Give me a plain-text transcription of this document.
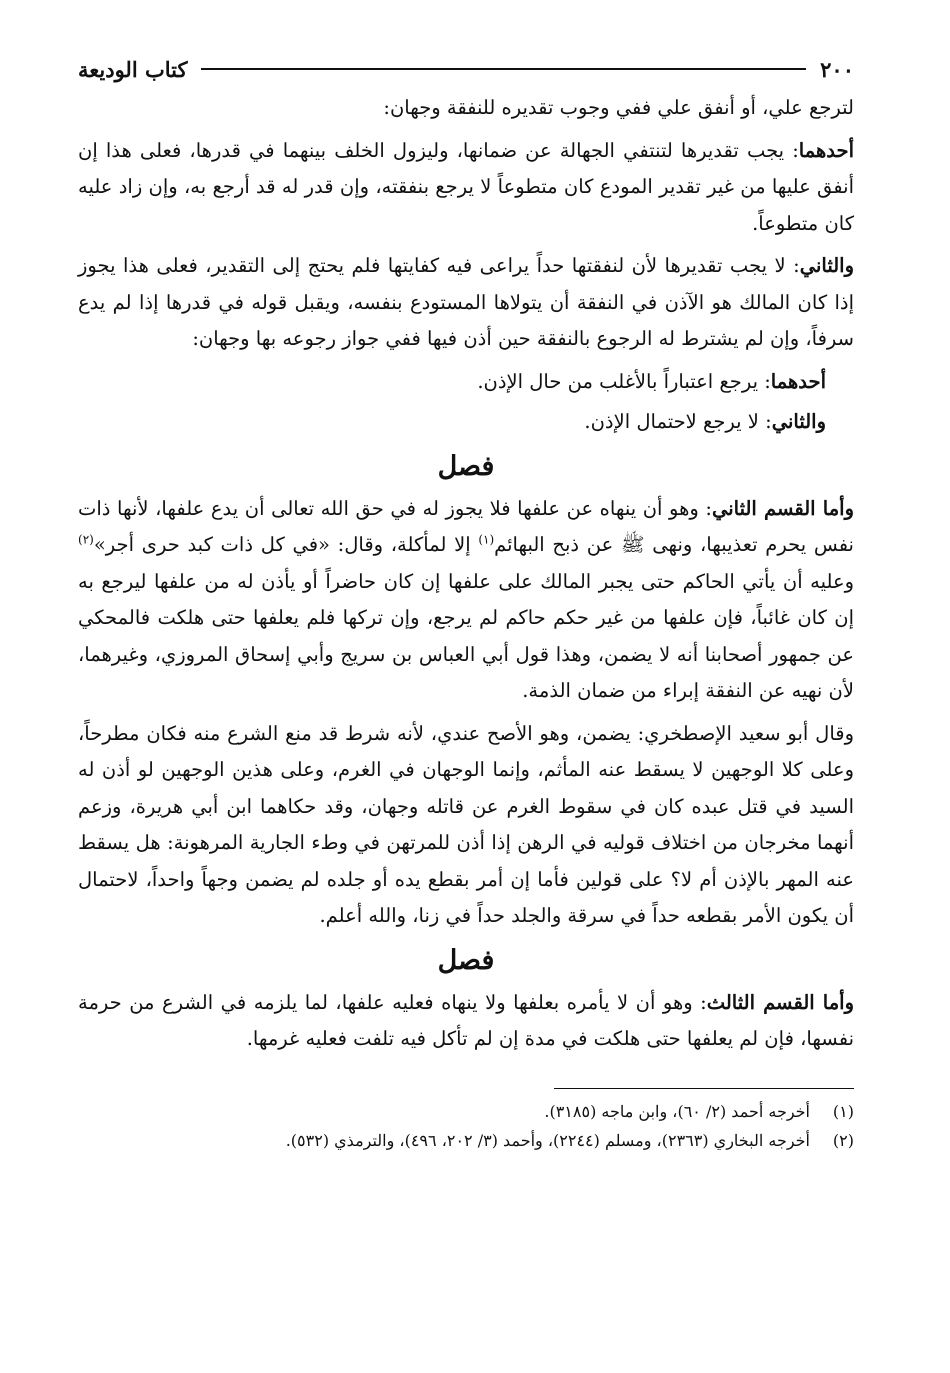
٢٠٠
كتاب الوديعة

لترجع علي، أو أنفق علي ففي وجوب تقديره للنفقة وجهان:

أحدهما: يجب تقديرها لتنتفي الجهالة عن ضمانها، وليزول الخلف بينهما في قدرها، فعلى هذا إن أنفق عليها من غير تقدير المودع كان متطوعاً لا يرجع بنفقته، وإن قدر له قد أرجع به، وإن زاد عليه كان متطوعاً.

والثاني: لا يجب تقديرها لأن لنفقتها حداً يراعى فيه كفايتها فلم يحتج إلى التقدير، فعلى هذا يجوز إذا كان المالك هو الآذن في النفقة أن يتولاها المستودع بنفسه، ويقبل قوله في قدرها إذا لم يدع سرفاً، وإن لم يشترط له الرجوع بالنفقة حين أذن فيها ففي جواز رجوعه بها وجهان:

أحدهما: يرجع اعتباراً بالأغلب من حال الإذن.

والثاني: لا يرجع لاحتمال الإذن.

فصل

وأما القسم الثاني: وهو أن ينهاه عن علفها فلا يجوز له في حق الله تعالى أن يدع علفها، لأنها ذات نفس يحرم تعذيبها، ونهى ﷺ عن ذبح البهائم$^{(١)}$ إلا لمأكلة، وقال: «في كل ذات كبد حرى أجر»$^{(٢)}$ وعليه أن يأتي الحاكم حتى يجبر المالك على علفها إن كان حاضراً أو يأذن له من علفها ليرجع به إن كان غائباً، فإن علفها من غير حكم حاكم لم يرجع، وإن تركها فلم يعلفها حتى هلكت فالمحكي عن جمهور أصحابنا أنه لا يضمن، وهذا قول أبي العباس بن سريج وأبي إسحاق المروزي، وغيرهما، لأن نهيه عن النفقة إبراء من ضمان الذمة.

وقال أبو سعيد الإصطخري: يضمن، وهو الأصح عندي، لأنه شرط قد منع الشرع منه فكان مطرحاً، وعلى كلا الوجهين لا يسقط عنه المأثم، وإنما الوجهان في الغرم، وعلى هذين الوجهين لو أذن له السيد في قتل عبده كان في سقوط الغرم عن قاتله وجهان، وقد حكاهما ابن أبي هريرة، وزعم أنهما مخرجان من اختلاف قوليه في الرهن إذا أذن للمرتهن في وطء الجارية المرهونة: هل يسقط عنه المهر بالإذن أم لا؟ على قولين فأما إن أمر بقطع يده أو جلده لم يضمن وجهاً واحداً، لاحتمال أن يكون الأمر بقطعه حداً في سرقة والجلد حداً في زنا، والله أعلم.

فصل

وأما القسم الثالث: وهو أن لا يأمره بعلفها ولا ينهاه فعليه علفها، لما يلزمه في الشرع من حرمة نفسها، فإن لم يعلفها حتى هلكت في مدة إن لم تأكل فيه تلفت فعليه غرمها.

(١)
أخرجه أحمد (٢/ ٦٠)، وابن ماجه (٣١٨٥).
(٢)
أخرجه البخاري (٢٣٦٣)، ومسلم (٢٢٤٤)، وأحمد (٣/ ٢٠٢، ٤٩٦)، والترمذي (٥٣٢).
